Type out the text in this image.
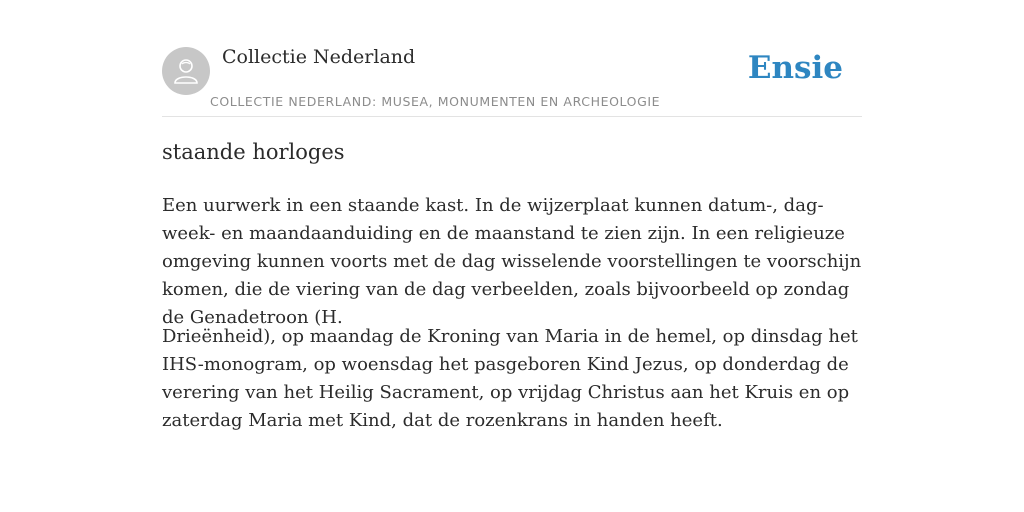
Collectie Nederland
COLLECTIE NEDERLAND: MUSEA, MONUMENTEN EN ARCHEOLOGIE
Ensie
staande horloges

Een uurwerk in een staande kast. In de wijzerplaat kunnen datum-, dag- week- en maandaanduiding en de maanstand te zien zijn. In een religieuze omgeving kunnen voorts met de dag wisselende voorstellingen te voorschijn komen, die de viering van de dag verbeelden, zoals bijvoorbeeld op zondag de Genadetroon (H.

Drieënheid), op maandag de Kroning van Maria in de hemel, op dinsdag het IHS-monogram, op woensdag het pasgeboren Kind Jezus, op donderdag de verering van het Heilig Sacrament, op vrijdag Christus aan het Kruis en op zaterdag Maria met Kind, dat de rozenkrans in handen heeft.
